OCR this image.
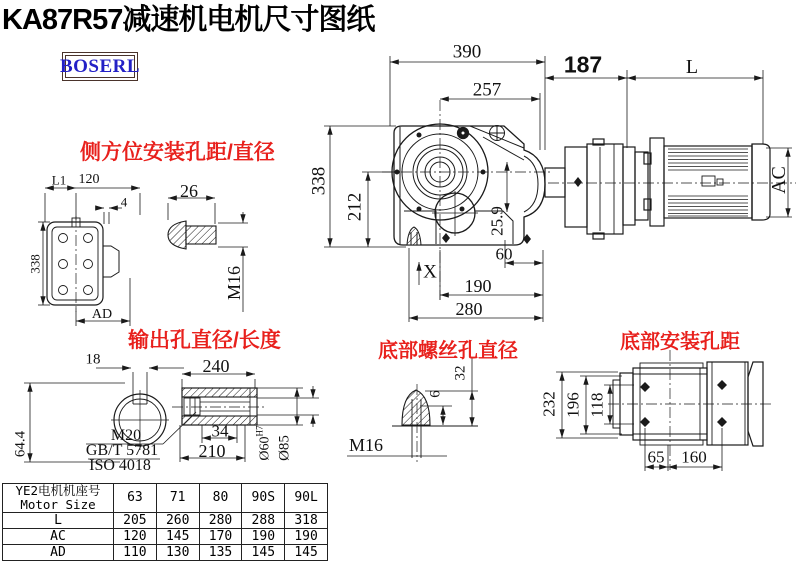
KA87R57减速机电机尺寸图纸
BOSERL
侧方位安装孔距/直径
输出孔直径/长度	底部螺丝孔直径	底部安装孔距
390
257
187	L
338
212	25.9
AC
60
X
190
280
L1 120
4
338
AD
26
M16
18
64.4
240
34
210 $Ø60^{H7}$
Ø85
M20
GB/T 5781
ISO 4018
32
6
M16
232 196 118
65 160
YE2电机机座号
Motor Size	63	71	80	90S	90L
L	205	260	280	288	318
AC	120	145	170	190	190
AD	110	130	135	145	145
